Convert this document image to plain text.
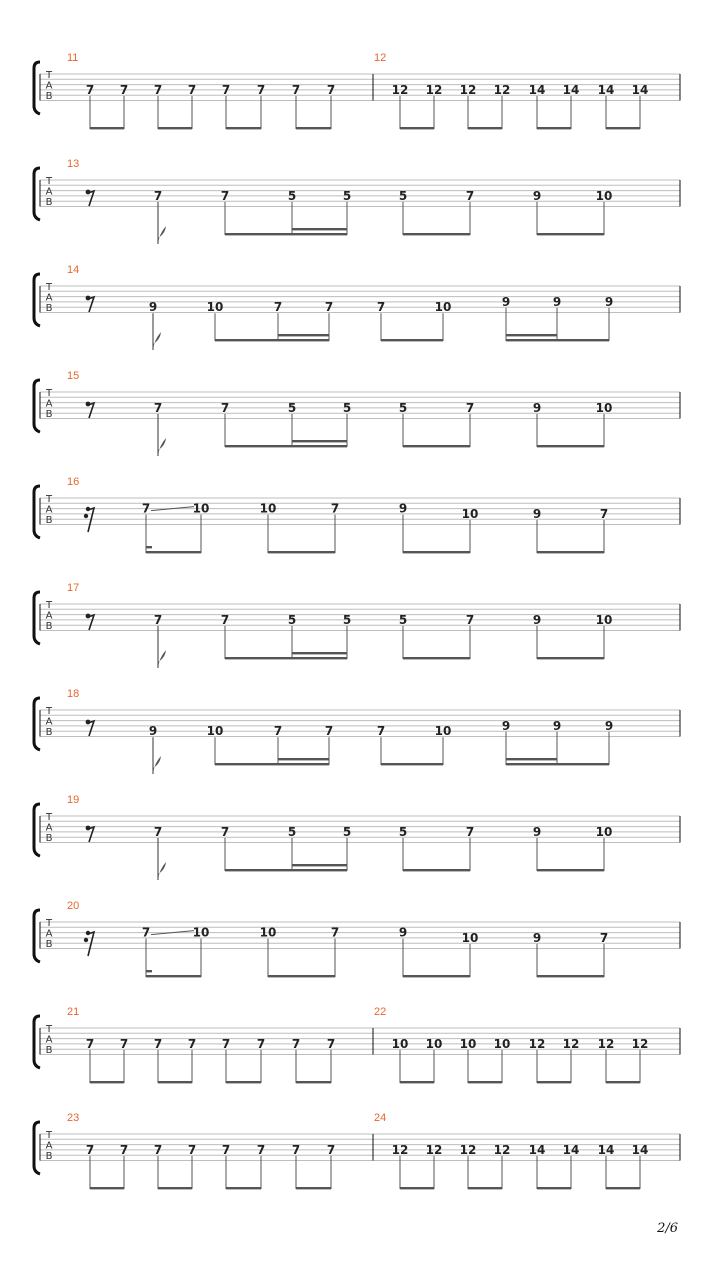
T
A
B
11
7 7 7 7 7 7 7 7
12
12 12 12 12 14 14 14 14
T
A
B
13
7	7	5	5	5	7	9	10
T
A
B
14
9	10	7	7	7	10	9	9	9
T
A
B
15
7	7	5	5	5	7	9	10
T
A
B
16
7	10	10	7	9	10	9	7
T
A
B
17
7	7	5	5	5	7	9	10
T
A
B
18
9	10	7	7	7	10	9	9	9
T
A
B
19
7	7	5	5	5	7	9	10
T
A
B
20
7	10	10	7	9	10	9	7
T
A
B
21
7 7 7 7 7 7 7 7
22
10 10 10 10 12 12 12 12
T
A
B
23
7 7 7 7 7 7 7 7
24
12 12 12 12 14 14 14 14
2/6
